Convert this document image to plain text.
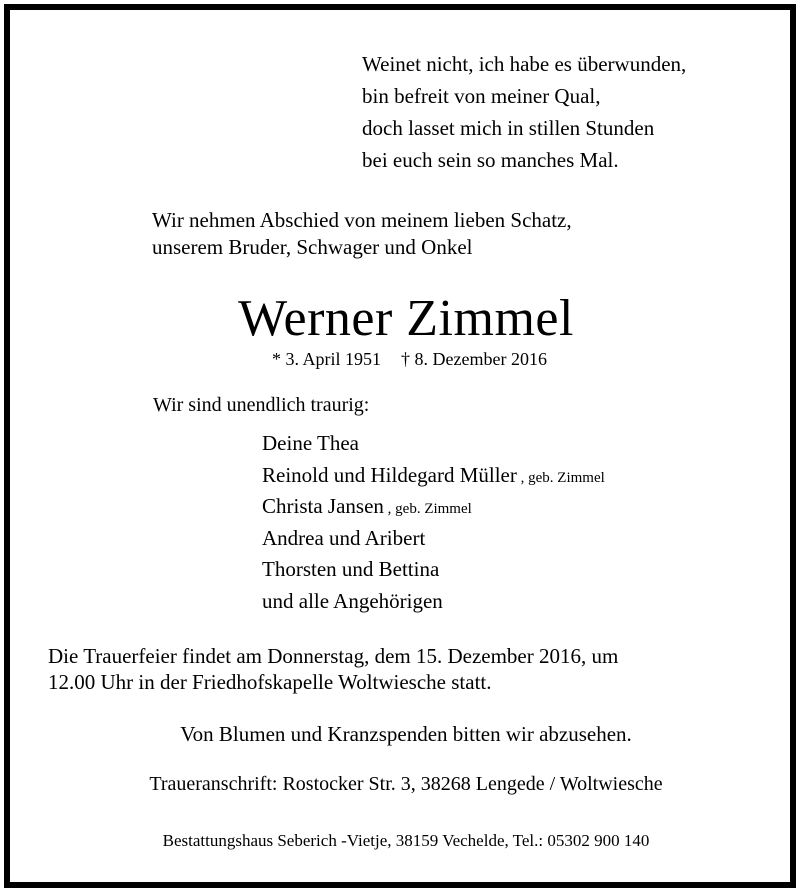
Weinet nicht, ich habe es überwunden,
bin befreit von meiner Qual,
doch lasset mich in stillen Stunden
bei euch sein so manches Mal.
Wir nehmen Abschied von meinem lieben Schatz,
unserem Bruder, Schwager und Onkel
Werner Zimmel
* 3. April 1951 † 8. Dezember 2016
Wir sind unendlich traurig:
Deine Thea
Reinold und Hildegard Müller , geb. Zimmel
Christa Jansen , geb. Zimmel
Andrea und Aribert
Thorsten und Bettina
und alle Angehörigen
Die Trauerfeier findet am Donnerstag, dem 15. Dezember 2016, um
12.00 Uhr in der Friedhofskapelle Woltwiesche statt.
Von Blumen und Kranzspenden bitten wir abzusehen.
Traueranschrift: Rostocker Str. 3, 38268 Lengede / Woltwiesche
Bestattungshaus Seberich -Vietje, 38159 Vechelde, Tel.: 05302 900 140
